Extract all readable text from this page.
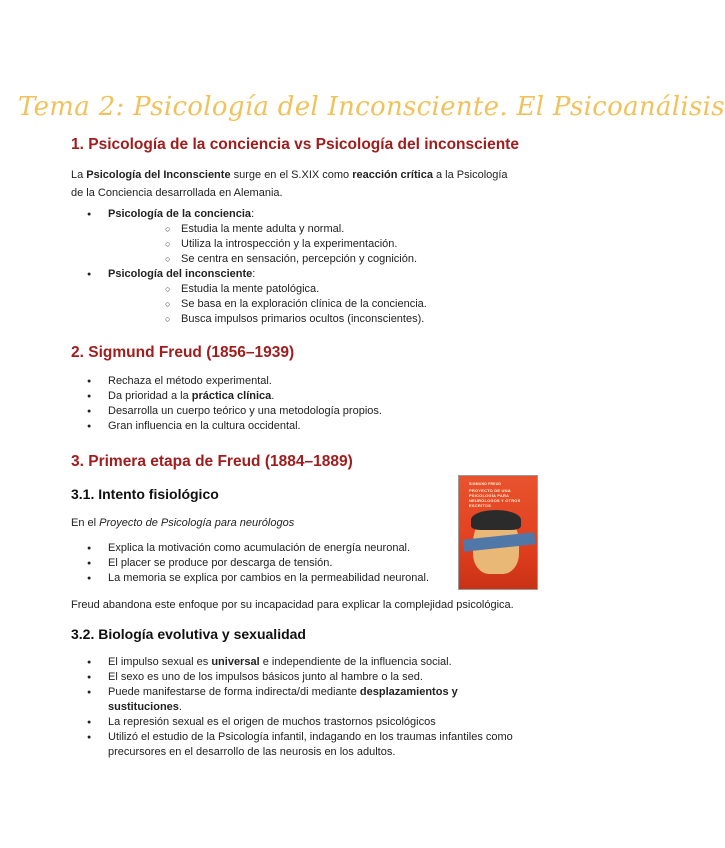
Tema 2: Psicología del Inconsciente. El Psicoanálisis
1. Psicología de la conciencia vs Psicología del inconsciente
La Psicología del Inconsciente surge en el S.XIX como reacción crítica a la Psicología de la Conciencia desarrollada en Alemania.
● Psicología de la conciencia:
○ Estudia la mente adulta y normal.
○ Utiliza la introspección y la experimentación.
○ Se centra en sensación, percepción y cognición.
● Psicología del inconsciente:
○ Estudia la mente patológica.
○ Se basa en la exploración clínica de la conciencia.
○ Busca impulsos primarios ocultos (inconscientes).
2. Sigmund Freud (1856–1939)
● Rechaza el método experimental.
● Da prioridad a la práctica clínica.
● Desarrolla un cuerpo teórico y una metodología propios.
● Gran influencia en la cultura occidental.
3. Primera etapa de Freud (1884–1889)
3.1. Intento fisiológico
En el Proyecto de Psicología para neurólogos
● Explica la motivación como acumulación de energía neuronal.
● El placer se produce por descarga de tensión.
● La memoria se explica por cambios en la permeabilidad neuronal.
Freud abandona este enfoque por su incapacidad para explicar la complejidad psicológica.
3.2. Biología evolutiva y sexualidad
● El impulso sexual es universal e independiente de la influencia social.
● El sexo es uno de los impulsos básicos junto al hambre o la sed.
● Puede manifestarse de forma indirecta/di mediante desplazamientos y sustituciones.
● La represión sexual es el origen de muchos trastornos psicológicos
● Utilizó el estudio de la Psicología infantil, indagando en los traumas infantiles como precursores en el desarrollo de las neurosis en los adultos.
SIGMUND FREUD
PROYECTO DE UNA PSICOLOGÍA PARA NEURÓLOGOS Y OTROS ESCRITOS
